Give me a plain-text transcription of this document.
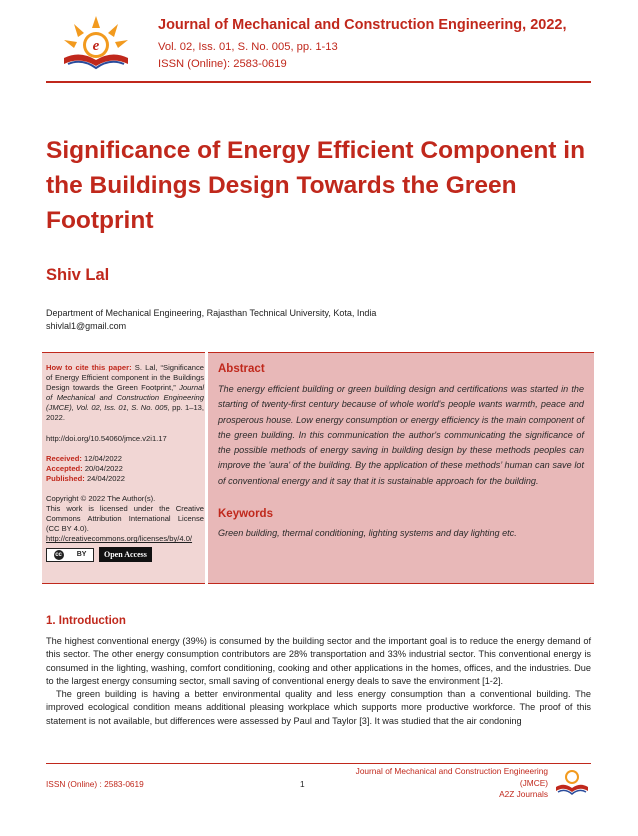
e
Journal of Mechanical and Construction Engineering, 2022,
Vol. 02, Iss. 01, S. No. 005, pp. 1-13
ISSN (Online): 2583-0619
Significance of Energy Efficient Component in the Buildings Design Towards the Green Footprint
Shiv Lal
Department of Mechanical Engineering, Rajasthan Technical University, Kota, India
shivlal1@gmail.com

How to cite this paper: S. Lal, “Significance of Energy Efficient component in the Buildings Design towards the Green Footprint,” Journal of Mechanical and Construction Engineering (JMCE), Vol. 02, Iss. 01, S. No. 005, pp. 1–13, 2022.

http://doi.org/10.54060/jmce.v2i1.17

Received: 12/04/2022

Accepted: 20/04/2022

Published: 24/04/2022

Copyright © 2022 The Author(s).

This work is licensed under the Creative Commons Attribution International License (CC BY 4.0).

http://creativecommons.org/licenses/by/4.0/

cc BY	Open Access

Abstract

The energy efficient building or green building design and certifications was started in the starting of twenty-first century because of whole world's people wants warmth, peace and prosperous house. Low energy consumption or energy efficiency is the main component of the green building. In this communication the author's communicating the significance of the possible methods of energy saving in building design by these methods peoples can improve the 'aura' of the building. By the application of these methods’ human can save lot of conventional energy and it say that it is sustainable approach for the building.

Keywords

Green building, thermal conditioning, lighting systems and day lighting etc.

1. Introduction

The highest conventional energy (39%) is consumed by the building sector and the important goal is to reduce the energy demand of this sector. The other energy consumption contributors are 28% transportation and 33% industrial sector. This conventional energy is consumed in the lighting, washing, comfort conditioning, cooking and other applications in the homes, offices, and the industries. Due to the largest energy consuming sector, small saving of conventional energy deals to save the environment [1-2].

The green building is having a better environmental quality and less energy consumption than a conventional building. The improved ecological condition means additional pleasing workplace which supports more productive workforce. The proof of this statement is not available, but differences were assessed by Paul and Taylor [3]. It was studied that the air condoning

ISSN (Online) : 2583-0619	1
Journal of Mechanical and Construction Engineering
(JMCE)
A2Z Journals
